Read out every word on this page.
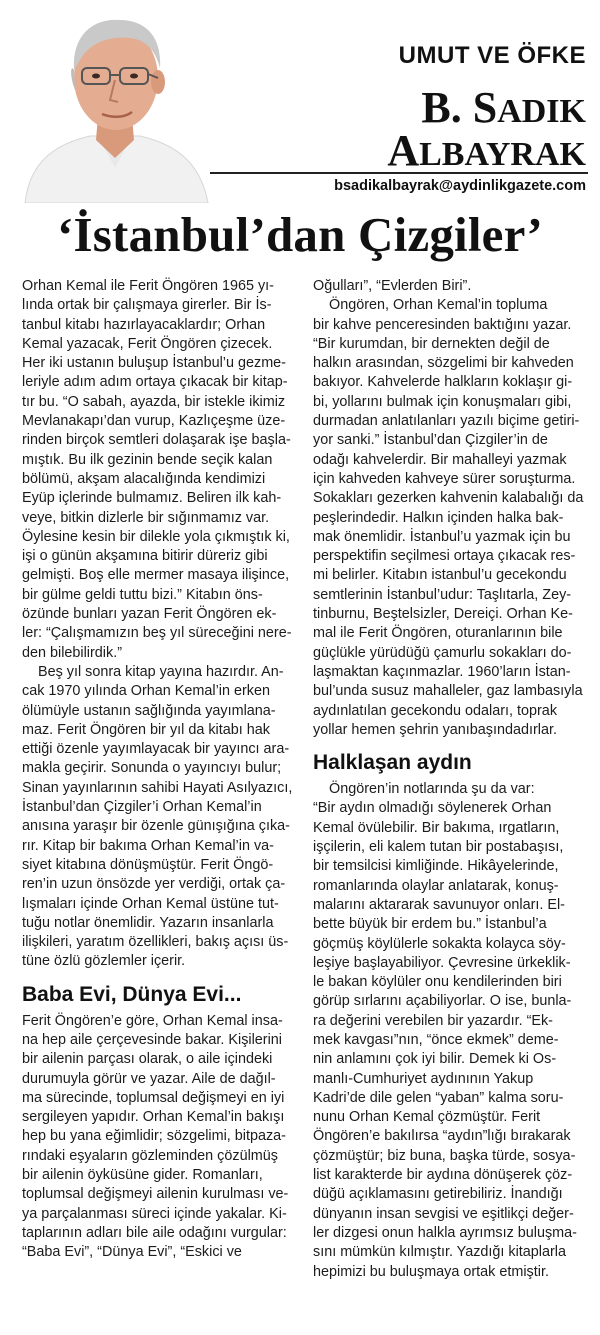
UMUT VE ÖFKE
B. SADIK
ALBAYRAK
bsadikalbayrak@aydinlikgazete.com
‘İstanbul’dan Çizgiler’
Orhan Kemal ile Ferit Öngören 1965 yı-
lında ortak bir çalışmaya girerler. Bir İs-
tanbul kitabı hazırlayacaklardır; Orhan
Kemal yazacak, Ferit Öngören çizecek.
Her iki ustanın buluşup İstanbul’u gezme-
leriyle adım adım ortaya çıkacak bir kitap-
tır bu. “O sabah, ayazda, bir istekle ikimiz
Mevlanakapı’dan vurup, Kazlıçeşme üze-
rinden birçok semtleri dolaşarak işe başla-
mıştık. Bu ilk gezinin bende seçik kalan
bölümü, akşam alacalığında kendimizi
Eyüp içlerinde bulmamız. Beliren ilk kah-
veye, bitkin dizlerle bir sığınmamız var.
Öylesine kesin bir dilekle yola çıkmıştık ki,
işi o günün akşamına bitirir düreriz gibi
gelmişti. Boş elle mermer masaya ilişince,
bir gülme geldi tuttu bizi.” Kitabın öns-
özünde bunları yazan Ferit Öngören ek-
ler: “Çalışmamızın beş yıl süreceğini nere-
den bilebilirdik.”
Beş yıl sonra kitap yayına hazırdır. An-
cak 1970 yılında Orhan Kemal’in erken
ölümüyle ustanın sağlığında yayımlana-
maz. Ferit Öngören bir yıl da kitabı hak
ettiği özenle yayımlayacak bir yayıncı ara-
makla geçirir. Sonunda o yayıncıyı bulur;
Sinan yayınlarının sahibi Hayati Asılyazıcı,
İstanbul’dan Çizgiler’i Orhan Kemal’in
anısına yaraşır bir özenle günışığına çıka-
rır. Kitap bir bakıma Orhan Kemal’in va-
siyet kitabına dönüşmüştür. Ferit Öngö-
ren’in uzun önsözde yer verdiği, ortak ça-
lışmaları içinde Orhan Kemal üstüne tut-
tuğu notlar önemlidir. Yazarın insanlarla
ilişkileri, yaratım özellikleri, bakış açısı üs-
tüne özlü gözlemler içerir.
Baba Evi, Dünya Evi...
Ferit Öngören’e göre, Orhan Kemal insa-
na hep aile çerçevesinde bakar. Kişilerini
bir ailenin parçası olarak, o aile içindeki
durumuyla görür ve yazar. Aile de dağıl-
ma sürecinde, toplumsal değişmeyi en iyi
sergileyen yapıdır. Orhan Kemal’in bakışı
hep bu yana eğimlidir; sözgelimi, bitpaza-
rındaki eşyaların gözleminden çözülmüş
bir ailenin öyküsüne gider. Romanları,
toplumsal değişmeyi ailenin kurulması ve-
ya parçalanması süreci içinde yakalar. Ki-
taplarının adları bile aile odağını vurgular:
“Baba Evi”, “Dünya Evi”, “Eskici ve
Oğulları”, “Evlerden Biri”.
Öngören, Orhan Kemal’in topluma
bir kahve penceresinden baktığını yazar.
“Bir kurumdan, bir dernekten değil de
halkın arasından, sözgelimi bir kahveden
bakıyor. Kahvelerde halkların koklaşır gi-
bi, yollarını bulmak için konuşmaları gibi,
durmadan anlatılanları yazılı biçime getiri-
yor sanki.” İstanbul’dan Çizgiler’in de
odağı kahvelerdir. Bir mahalleyi yazmak
için kahveden kahveye sürer soruşturma.
Sokakları gezerken kahvenin kalabalığı da
peşlerindedir. Halkın içinden halka bak-
mak önemlidir. İstanbul’u yazmak için bu
perspektifin seçilmesi ortaya çıkacak res-
mi belirler. Kitabın istanbul’u gecekondu
semtlerinin İstanbul’udur: Taşlıtarla, Zey-
tinburnu, Beştelsizler, Dereiçi. Orhan Ke-
mal ile Ferit Öngören, oturanlarının bile
güçlükle yürüdüğü çamurlu sokakları do-
laşmaktan kaçınmazlar. 1960’ların İstan-
bul’unda susuz mahalleler, gaz lambasıyla
aydınlatılan gecekondu odaları, toprak
yollar hemen şehrin yanıbaşındadırlar.
Halklaşan aydın
Öngören’in notlarında şu da var:
“Bir aydın olmadığı söylenerek Orhan
Kemal övülebilir. Bir bakıma, ırgatların,
işçilerin, eli kalem tutan bir postabaşısı,
bir temsilcisi kimliğinde. Hikâyelerinde,
romanlarında olaylar anlatarak, konuş-
malarını aktararak savunuyor onları. El-
bette büyük bir erdem bu.” İstanbul’a
göçmüş köylülerle sokakta kolayca söy-
leşiye başlayabiliyor. Çevresine ürkeklik-
le bakan köylüler onu kendilerinden biri
görüp sırlarını açabiliyorlar. O ise, bunla-
ra değerini verebilen bir yazardır. “Ek-
mek kavgası”nın, “önce ekmek” deme-
nin anlamını çok iyi bilir. Demek ki Os-
manlı-Cumhuriyet aydınının Yakup
Kadri’de dile gelen “yaban” kalma soru-
nunu Orhan Kemal çözmüştür. Ferit
Öngören’e bakılırsa “aydın”lığı bırakarak
çözmüştür; biz buna, başka türde, sosya-
list karakterde bir aydına dönüşerek çöz-
düğü açıklamasını getirebiliriz. İnandığı
dünyanın insan sevgisi ve eşitlikçi değer-
ler dizgesi onun halkla ayrımsız buluşma-
sını mümkün kılmıştır. Yazdığı kitaplarla
hepimizi bu buluşmaya ortak etmiştir.
